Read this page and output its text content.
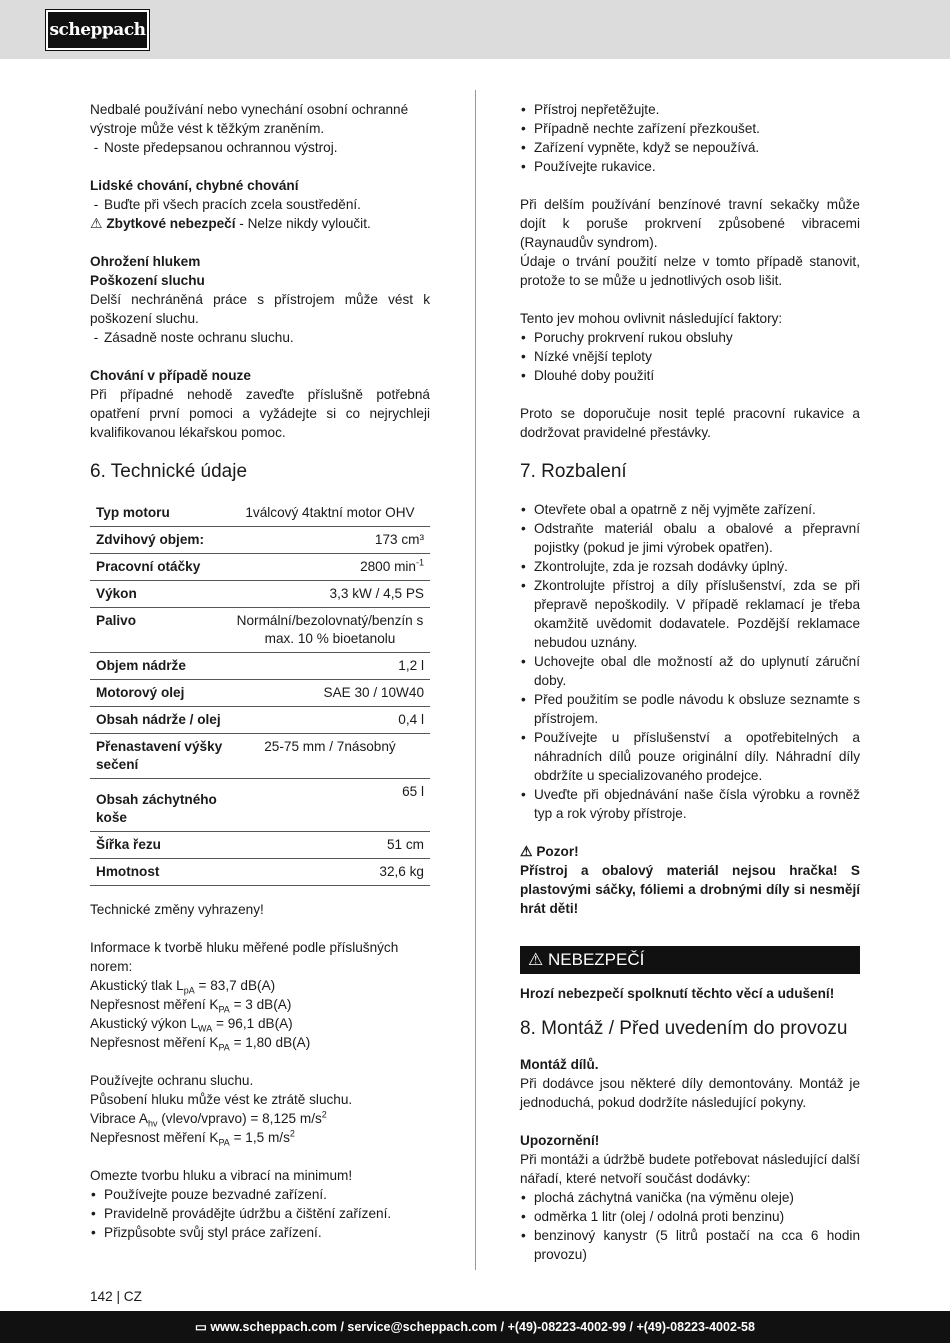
scheppach

Nedbalé používání nebo vynechání osobní ochranné výstroje může vést k těžkým zraněním.

- Noste předepsanou ochrannou výstroj.

Lidské chování, chybné chování

- Buďte při všech pracích zcela soustředění.

⚠ Zbytkové nebezpečí - Nelze nikdy vyloučit.

Ohrožení hlukem

Poškození sluchu

Delší nechráněná práce s přístrojem může vést k poškození sluchu.

- Zásadně noste ochranu sluchu.

Chování v případě nouze

Při případné nehodě zaveďte příslušně potřebná opatření první pomoci a vyžádejte si co nejrychleji kvalifikovanou lékařskou pomoc.

6. Technické údaje
Typ motoru	1válcový 4taktní motor OHV
Zdvihový objem:	173 cm³
Pracovní otáčky	2800 $\min^{-1}$
Výkon	3,3 kW / 4,5 PS
Palivo	Normální/bezolovnatý/benzín s max. 10 % bioetanolu
Objem nádrže	1,2 l
Motorový olej	SAE 30 / 10W40
Obsah nádrže / olej	0,4 l
Přenastavení výšky sečení	25-75 mm / 7násobný
Obsah záchytného koše	65 l
Šířka řezu	51 cm
Hmotnost	32,6 kg

Technické změny vyhrazeny!

Informace k tvorbě hluku měřené podle příslušných norem:

Akustický tlak $L_{pA} = 83,7$ dB(A)

Nepřesnost měření $K_{PA} = 3$ dB(A)

Akustický výkon $L_{WA} = 96,1$ dB(A)

Nepřesnost měření $K_{PA} = 1,80$ dB(A)

Používejte ochranu sluchu.

Působení hluku může vést ke ztrátě sluchu.

Vibrace $A_{hv}$ (vlevo/vpravo) = 8,125 $m/s^2$

Nepřesnost měření $K_{PA} = 1,5$ $m/s^2$

Omezte tvorbu hluku a vibrací na minimum!

• Používejte pouze bezvadné zařízení.
• Pravidelně provádějte údržbu a čištění zařízení.
• Přizpůsobte svůj styl práce zařízení.
• Přístroj nepřetěžujte.
• Případně nechte zařízení přezkoušet.
• Zařízení vypněte, když se nepoužívá.
• Používejte rukavice.

Při delším používání benzínové travní sekačky může dojít k poruše prokrvení způsobené vibracemi (Raynaudův syndrom).

Údaje o trvání použití nelze v tomto případě stanovit, protože to se může u jednotlivých osob lišit.

Tento jev mohou ovlivnit následující faktory:

• Poruchy prokrvení rukou obsluhy
• Nízké vnější teploty
• Dlouhé doby použití

Proto se doporučuje nosit teplé pracovní rukavice a dodržovat pravidelné přestávky.

7. Rozbalení
• Otevřete obal a opatrně z něj vyjměte zařízení.
• Odstraňte materiál obalu a obalové a přepravní pojistky (pokud je jimi výrobek opatřen).
• Zkontrolujte, zda je rozsah dodávky úplný.
• Zkontrolujte přístroj a díly příslušenství, zda se při přepravě nepoškodily. V případě reklamací je třeba okamžitě uvědomit dodavatele. Pozdější reklamace nebudou uznány.
• Uchovejte obal dle možností až do uplynutí záruční doby.
• Před použitím se podle návodu k obsluze seznamte s přístrojem.
• Používejte u příslušenství a opotřebitelných a náhradních dílů pouze originální díly. Náhradní díly obdržíte u specializovaného prodejce.
• Uveďte při objednávání naše čísla výrobku a rovněž typ a rok výroby přístroje.

⚠ Pozor!

Přístroj a obalový materiál nejsou hračka! S plastovými sáčky, fóliemi a drobnými díly si nesmějí hrát děti!

⚠ NEBEZPEČÍ

Hrozí nebezpečí spolknutí těchto věcí a udušení!

8. Montáž / Před uvedením do provozu

Montáž dílů.

Při dodávce jsou některé díly demontovány. Montáž je jednoduchá, pokud dodržíte následující pokyny.

Upozornění!

Při montáži a údržbě budete potřebovat následující další nářadí, které netvoří součást dodávky:

• plochá záchytná vanička (na výměnu oleje)
• odměrka 1 litr (olej / odolná proti benzinu)
• benzinový kanystr (5 litrů postačí na cca 6 hodin provozu)
142 | CZ
▭ www.scheppach.com / service@scheppach.com / +(49)-08223-4002-99 / +(49)-08223-4002-58
